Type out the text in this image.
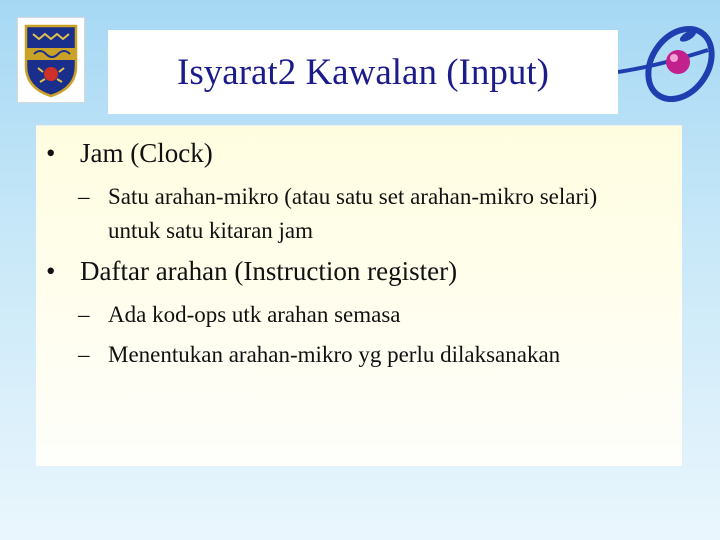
Isyarat2 Kawalan (Input)
• Jam (Clock)
– Satu arahan-mikro (atau satu set arahan-mikro selari) untuk satu kitaran jam
• Daftar arahan (Instruction register)
– Ada kod-ops utk arahan semasa
– Menentukan arahan-mikro yg perlu dilaksanakan
